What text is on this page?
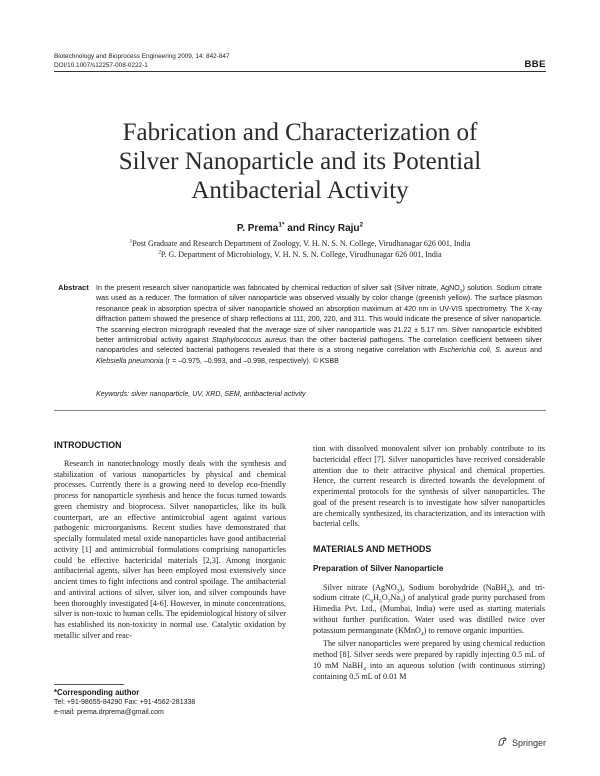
Biotechnology and Bioprocess Engineering 2009, 14: 842-847
DOI/10.1007/s12257-008-0222-1	BBE
Fabrication and Characterization of
Silver Nanoparticle and its Potential
Antibacterial Activity
P. Prema$^{1*}$ and Rincy Raju$^2$
$^1$Post Graduate and Research Department of Zoology, V. H. N. S. N. College, Virudhanagar 626 001, India
$^2$P. G. Department of Microbiology, V. H. N. S. N. College, Virudhunagar 626 001, India
Abstract In the present research silver nanoparticle was fabricated by chemical reduction of silver salt (Silver nitrate, AgNO$_3$) solution. Sodium citrate was used as a reducer. The formation of silver nanoparticle was observed visually by color change (greenish yellow). The surface plasmon resonance peak in absorption spectra of silver nanoparticle showed an absorption maximum at 420 nm in UV-VIS spectrometry. The X-ray diffraction pattern showed the presence of sharp reflections at 111, 200, 220, and 311. This would indicate the presence of silver nanoparticle. The scanning electron micrograph revealed that the average size of silver nanoparticle was 21.22 ± 5.17 nm. Silver nanoparticle exhibited better antimicrobial activity against Staphylococcus aureus than the other bacterial pathogens. The correlation coefficient between silver nanoparticles and selected bacterial pathogens revealed that there is a strong negative correlation with Escherichia coli, S. aureus and Klebsiella pneumonia (r = –0.975, –0.993, and –0.998, respectively). © KSBB
Keywords: silver nanoparticle, UV, XRD, SEM, antibacterial activity
INTRODUCTION

Research in nanotechnology mostly deals with the synthesis and stabilization of various nanoparticles by physical and chemical processes. Currently there is a growing need to develop eco-friendly process for nanoparticle synthesis and hence the focus turned towards green chemistry and bioprocess. Silver nanoparticles, like its bulk counterpart, are an effective antimicrobial agent against various pathogenic microorganisms. Recent studies have demonstrated that specially formulated metal oxide nanoparticles have good antibacterial activity [1] and antimicrobial formulations comprising nanoparticles could be effective bactericidal materials [2,3]. Among inorganic antibacterial agents, silver has been employed most extensively since ancient times to fight infections and control spoilage. The antibacterial and antiviral actions of silver, silver ion, and silver compounds have been thoroughly investigated [4-6]. However, in minute concentrations, silver is non-toxic to human cells. The epidemiological history of silver has established its non-toxicity in normal use. Catalytic oxidation by metallic silver and reac-

tion with dissolved monovalent silver ion probably contribute to its bactericidal effect [7]. Silver nanoparticles have received considerable attention due to their attractive physical and chemical properties. Hence, the current research is directed towards the development of experimental protocols for the synthesis of silver nanoparticles. The goal of the present research is to investigate how silver nanoparticles are chemically synthesized, its characterization, and its interaction with bacterial cells.

MATERIALS AND METHODS
Preparation of Silver Nanoparticle

Silver nitrate (AgNO$_3$), Sodium borohydride (NaBH$_4$), and tri-sodium citrate $(C_6H_5O_7Na_3)$ of analytical grade purity purchased from Himedia Pvt. Ltd., (Mumbai, India) were used as starting materials without further purification. Water used was distilled twice over potassium permanganate (KMnO$_4$) to remove organic impurities.

The silver nanoparticles were prepared by using chemical reduction method [8]. Silver seeds were prepared by rapidly injecting 0.5 mL of 10 mM NaBH$_4$ into an aqueous solution (with continuous stirring) containing 0.5 mL of 0.01 M

*Corresponding author
Tel: +91-98655-84290 Fax: +91-4562-281338
e-mail: prema.drprema@gmail.com
Springer
